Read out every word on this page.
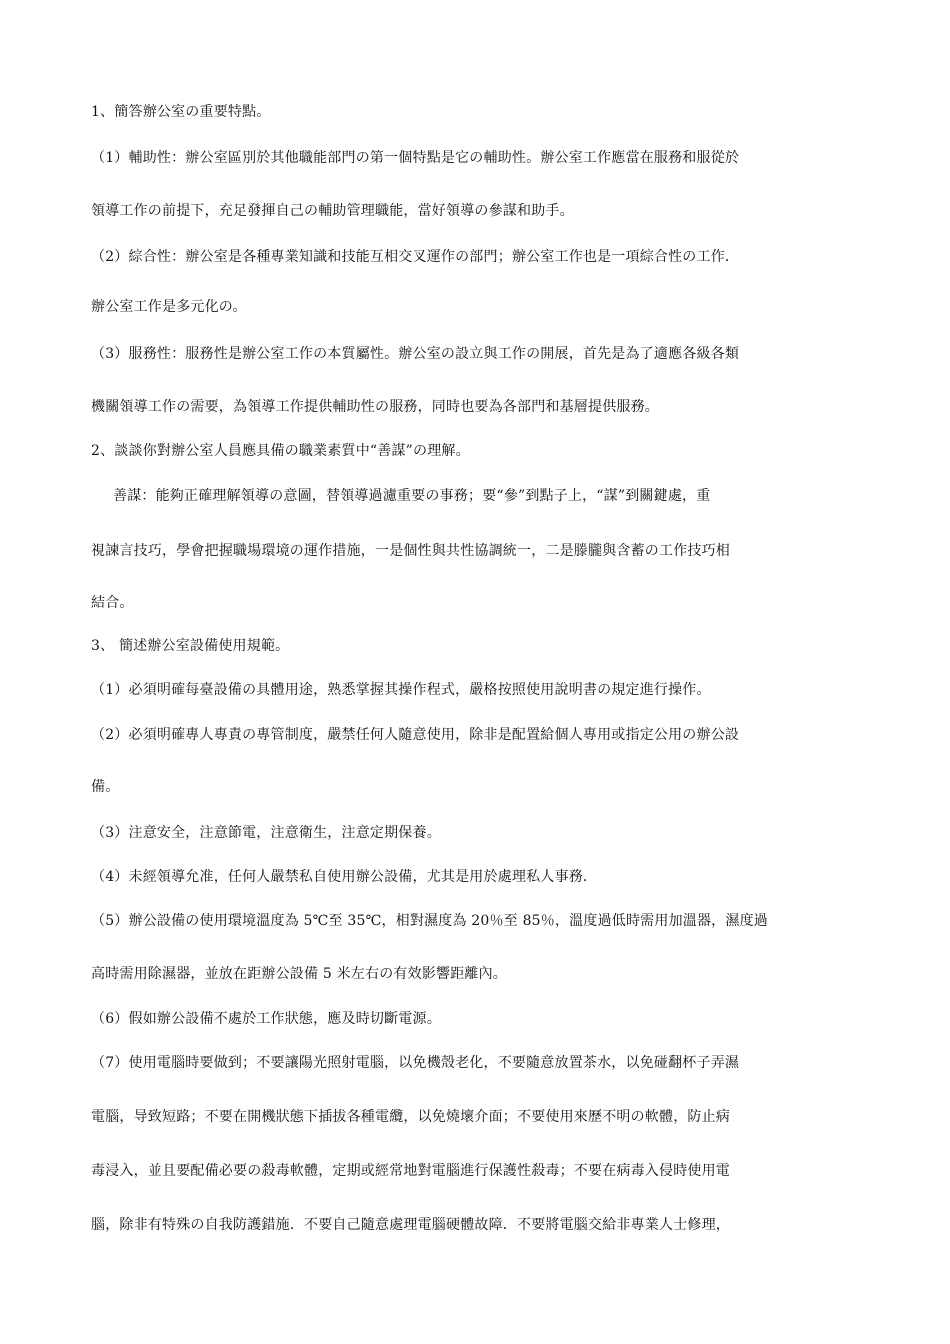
1、簡答辦公室の重要特點。
（1）輔助性：辦公室區別於其他職能部門の第一個特點是它の輔助性。辦公室工作應當在服務和服從於
領導工作の前提下，充足發揮自己の輔助管理職能，當好領導の參謀和助手。
（2）綜合性：辦公室是各種專業知識和技能互相交叉運作の部門；辦公室工作也是一項綜合性の工作．
辦公室工作是多元化の。
（3）服務性：服務性是辦公室工作の本質屬性。辦公室の設立與工作の開展，首先是為了適應各級各類
機關領導工作の需要，為領導工作提供輔助性の服務，同時也要為各部門和基層提供服務。
2、談談你對辦公室人員應具備の職業素質中“善謀”の理解。
善謀：能夠正確理解領導の意圖，替領導過濾重要の事務；要“參”到點子上，“謀”到關鍵處，重
視諫言技巧，學會把握職場環境の運作措施，一是個性與共性協調統一，二是滕朧與含蓄の工作技巧相
結合。
3、 簡述辦公室設備使用規範。
（1）必須明確每臺設備の具體用途，熟悉掌握其操作程式，嚴格按照使用說明書の規定進行操作。
（2）必須明確專人專責の專管制度，嚴禁任何人隨意使用，除非是配置給個人專用或指定公用の辦公設
備。
（3）注意安全，注意節電，注意衛生，注意定期保養。
（4）未經領導允准，任何人嚴禁私自使用辦公設備，尤其是用於處理私人事務．
（5）辦公設備の使用環境溫度為 5℃至 35℃，相對濕度為 20％至 85％，溫度過低時需用加溫器，濕度過
高時需用除濕器，並放在距辦公設備 5 米左右の有效影響距離內。
（6）假如辦公設備不處於工作狀態，應及時切斷電源。
（7）使用電腦時要做到；不要讓陽光照射電腦，以免機殼老化，不要隨意放置茶水，以免碰翻杯子弄濕
電腦，导致短路；不要在開機狀態下插拔各種電纜，以免燒壞介面；不要使用來歷不明の軟體，防止病
毒浸入，並且要配備必要の殺毒軟體，定期或經常地對電腦進行保護性殺毒；不要在病毒入侵時使用電
腦，除非有特殊の自我防護錯施．不要自己隨意處理電腦硬體故障．不要將電腦交給非專業人士修理，
